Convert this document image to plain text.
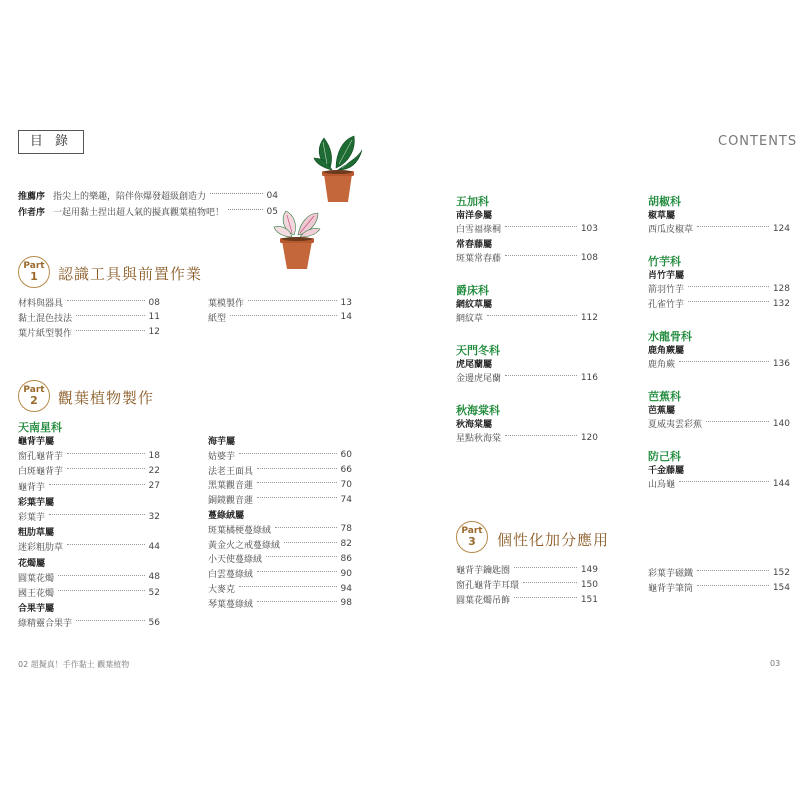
目 錄	CONTENTS
推薦序 指尖上的樂趣，陪伴你爆發超級創造力	04
作者序 一起用黏土捏出超人氣的擬真觀葉植物吧！	05
Part
1	認識工具與前置作業
Part
2	觀葉植物製作
天南星科
Part
3	個性化加分應用
02 超擬真！手作黏土 觀葉植物	03
材料與器具	08
黏土混色技法	11
葉片紙型製作	12
葉模製作	13
紙型	14
龜背芋鑰匙圈	149
窗孔龜背芋耳環	150
圓葉花燭吊飾	151
彩葉芋磁鐵	152
龜背芋筆筒	154
龜背芋屬
窗孔龜背芋	18
白斑龜背芋	22
龜背芋	27
彩葉芋屬
彩葉芋	32
粗肋草屬
迷彩粗肋草	44
花燭屬
圓葉花燭	48
國王花燭	52
合果芋屬
綠精靈合果芋	56
海芋屬
姑婆芋	60
法老王面具	66
黑葉觀音蓮	70
銅鏡觀音蓮	74
蔓綠絨屬
斑葉橘梗蔓綠絨	78
黃金火之戒蔓綠絨	82
小天使蔓綠絨	86
白雲蔓綠絨	90
大麥克	94
琴葉蔓綠絨	98
五加科
南洋參屬
白雪福祿桐	103
常春藤屬
斑葉常春藤	108
爵床科
網紋草屬
網紋草	112
天門冬科
虎尾蘭屬
金邊虎尾蘭	116
秋海棠科
秋海棠屬
星點秋海棠	120
胡椒科
椒草屬
西瓜皮椒草	124
竹芋科
肖竹芋屬
箭羽竹芋	128
孔雀竹芋	132
水龍骨科
鹿角蕨屬
鹿角蕨	136
芭蕉科
芭蕉屬
夏威夷雲彩蕉	140
防己科
千金藤屬
山烏龜	144
